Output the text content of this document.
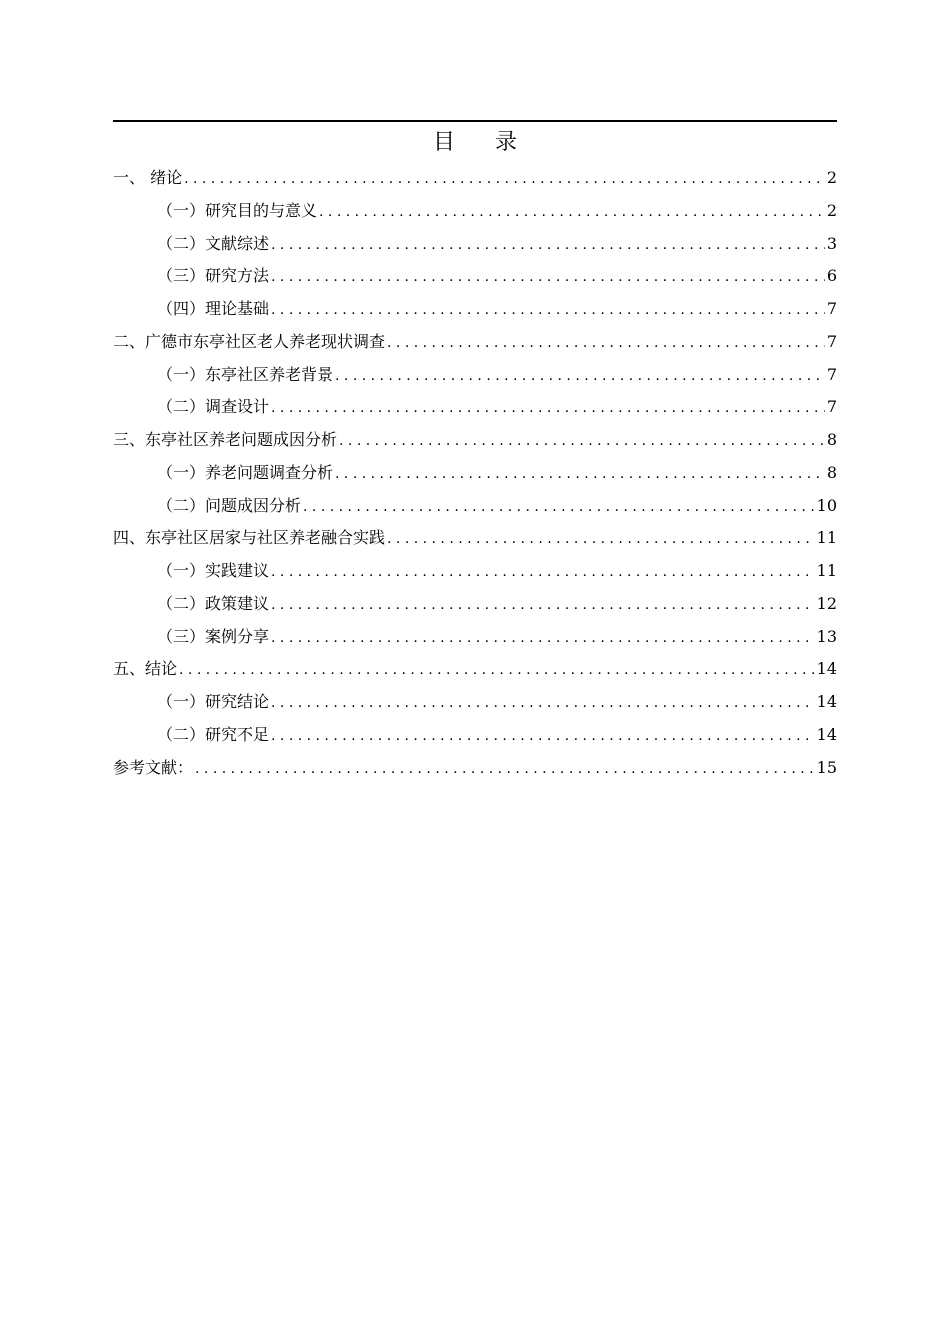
目录
一、 绪论 . . .	2
（一）研究目的与意义 . . .	2
（二）文献综述 . . .	3
（三）研究方法 . . .	6
（四）理论基础 . . .	7
二、广德市东亭社区老人养老现状调查 . . .	7
（一）东亭社区养老背景 . . .	7
（二）调查设计 . . .	7
三、东亭社区养老问题成因分析 . . .	8
（一）养老问题调查分析 . . .	8
（二）问题成因分析 . . .	10
四、东亭社区居家与社区养老融合实践 . . .	11
（一）实践建议 . . .	11
（二）政策建议 . . .	12
（三）案例分享 . . .	13
五、结论 . . .	14
（一）研究结论 . . .	14
（二）研究不足 . . .	14
参考文献： . . .	15
